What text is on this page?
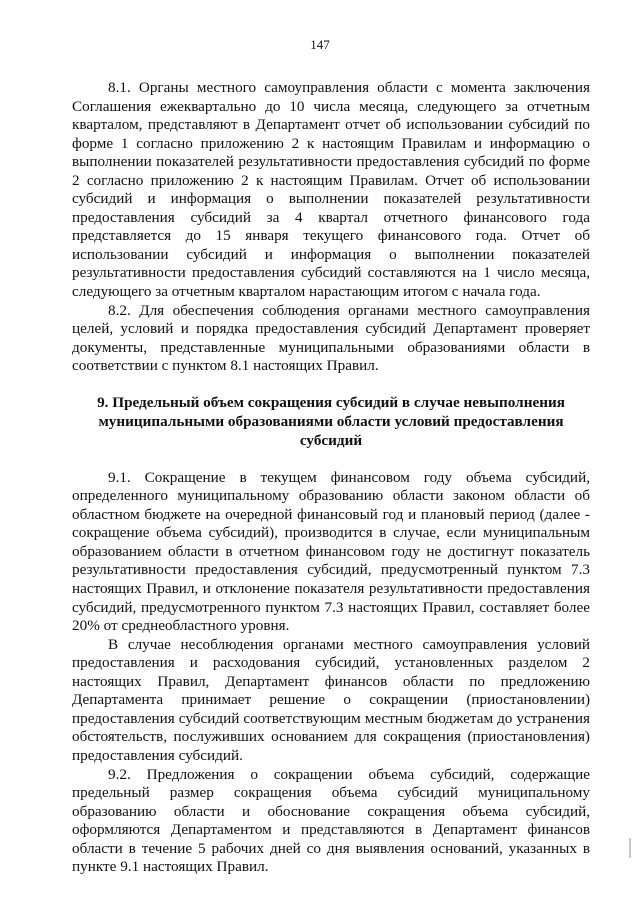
147

8.1. Органы местного самоуправления области с момента заключения Соглашения ежеквартально до 10 числа месяца, следующего за отчетным кварталом, представляют в Департамент отчет об использовании субсидий по форме 1 согласно приложению 2 к настоящим Правилам и информацию о выполнении показателей результативности предоставления субсидий по форме 2 согласно приложению 2 к настоящим Правилам. Отчет об использовании субсидий и информация о выполнении показателей результативности предоставления субсидий за 4 квартал отчетного финансового года представляется до 15 января текущего финансового года. Отчет об использовании субсидий и информация о выполнении показателей результативности предоставления субсидий составляются на 1 число месяца, следующего за отчетным кварталом нарастающим итогом с начала года.

8.2. Для обеспечения соблюдения органами местного самоуправления целей, условий и порядка предоставления субсидий Департамент проверяет документы, представленные муниципальными образованиями области в соответствии с пунктом 8.1 настоящих Правил.

9. Предельный объем сокращения субсидий в случае невыполнения
муниципальными образованиями области условий предоставления
субсидий

9.1. Сокращение в текущем финансовом году объема субсидий, определенного муниципальному образованию области законом области об областном бюджете на очередной финансовый год и плановый период (далее - сокращение объема субсидий), производится в случае, если муниципальным образованием области в отчетном финансовом году не достигнут показатель результативности предоставления субсидий, предусмотренный пунктом 7.3 настоящих Правил, и отклонение показателя результативности предоставления субсидий, предусмотренного пунктом 7.3 настоящих Правил, составляет более 20% от среднеобластного уровня.

В случае несоблюдения органами местного самоуправления условий предоставления и расходования субсидий, установленных разделом 2 настоящих Правил, Департамент финансов области по предложению Департамента принимает решение о сокращении (приостановлении) предоставления субсидий соответствующим местным бюджетам до устранения обстоятельств, послуживших основанием для сокращения (приостановления) предоставления субсидий.

9.2. Предложения о сокращении объема субсидий, содержащие предельный размер сокращения объема субсидий муниципальному образованию области и обоснование сокращения объема субсидий, оформляются Департаментом и представляются в Департамент финансов области в течение 5 рабочих дней со дня выявления оснований, указанных в пункте 9.1 настоящих Правил.
